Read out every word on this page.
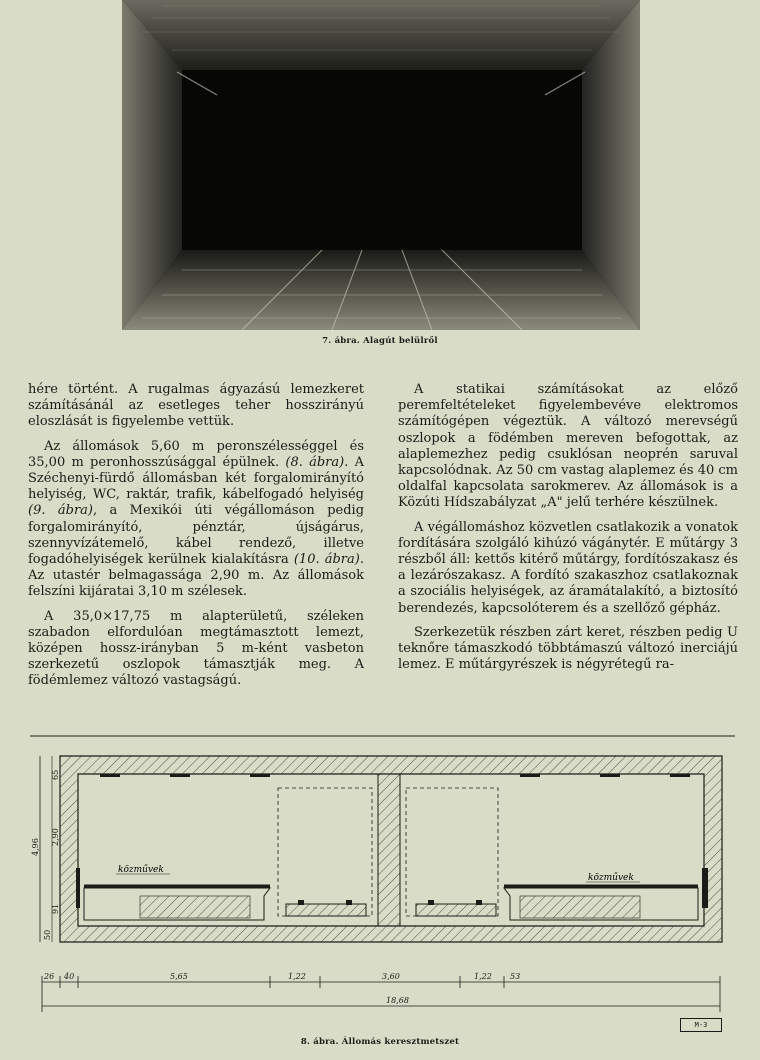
7. ábra. Alagút belülről

hére történt. A rugalmas ágyazású lemezkeret számításánál az esetleges teher hosszirányú eloszlását is figyelembe vettük.

Az állomások 5,60 m peronszélességgel és 35,00 m peronhosszúsággal épülnek. (8. ábra). A Széchenyi-fürdő állomásban két forgalomirányító helyiség, WC, raktár, trafik, kábelfogadó helyiség (9. ábra), a Mexikói úti végállomáson pedig forgalomirányító, pénztár, újságárus, szennyvízátemelő, kábel rendező, illetve fogadóhelyiségek kerülnek kialakításra (10. ábra). Az utastér belmagassága 2,90 m. Az állomások felszíni kijáratai 3,10 m szélesek.

A 35,0×17,75 m alapterületű, széleken szabadon elfordulóan megtámasztott lemezt, középen hossz-irányban 5 m-ként vasbeton szerkezetű oszlopok támasztják meg. A födémlemez változó vastagságú.

A statikai számításokat az előző peremfeltételeket figyelembevéve elektromos számítógépen végeztük. A változó merevségű oszlopok a födémben mereven befogottak, az alaplemezhez pedig csuklósan neoprén saruval kapcsolódnak. Az 50 cm vastag alaplemez és 40 cm oldalfal kapcsolata sarokmerev. Az állomások is a Közúti Hídszabályzat „A" jelű terhére készülnek.

A végállomáshoz közvetlen csatlakozik a vonatok fordítására szolgáló kihúzó vágánytér. E műtárgy 3 részből áll: kettős kitérő műtárgy, fordítószakasz és a lezárószakasz. A fordító szakaszhoz csatlakoznak a szociális helyiségek, az áramátalakító, a biztosító berendezés, kapcsolóterem és a szellőző gépház.

Szerkezetük részben zárt keret, részben pedig U teknőre támaszkodó többtámaszú változó inerciájú lemez. E műtárgyrészek is négyrétegű ra-

közművek
közművek
65
2,90
4,96
91
50
26 40	5,65	1,22	3,60	1,22 53
18,68
M-3
8. ábra. Állomás keresztmetszet
